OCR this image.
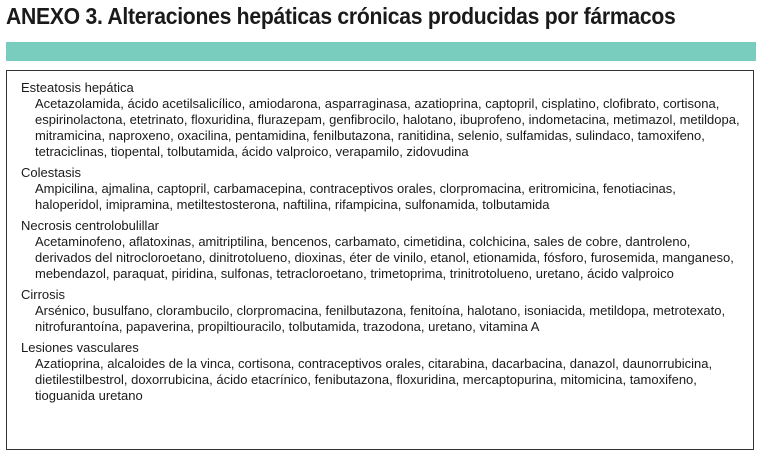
ANEXO 3. Alteraciones hepáticas crónicas producidas por fármacos
Esteatosis hepática
Acetazolamida, ácido acetilsalicílico, amiodarona, asparraginasa, azatioprina, captopril, cisplatino, clofibrato, cortisona, espirinolactona, etetrinato, floxuridina, flurazepam, genfibrocilo, halotano, ibuprofeno, indometacina, metimazol, metildopa, mitramicina, naproxeno, oxacilina, pentamidina, fenilbutazona, ranitidina, selenio, sulfamidas, sulindaco, tamoxifeno, tetraciclinas, tiopental, tolbutamida, ácido valproico, verapamilo, zidovudina
Colestasis
Ampicilina, ajmalina, captopril, carbamacepina, contraceptivos orales, clorpromacina, eritromicina, fenotiacinas, haloperidol, imipramina, metiltestosterona, naftilina, rifampicina, sulfonamida, tolbutamida
Necrosis centrolobulillar
Acetaminofeno, aflatoxinas, amitriptilina, bencenos, carbamato, cimetidina, colchicina, sales de cobre, dantroleno, derivados del nitrocloroetano, dinitrotolueno, dioxinas, éter de vinilo, etanol, etionamida, fósforo, furosemida, manganeso, mebendazol, paraquat, piridina, sulfonas, tetracloroetano, trimetoprima, trinitrotolueno, uretano, ácido valproico
Cirrosis
Arsénico, busulfano, clorambucilo, clorpromacina, fenilbutazona, fenitoína, halotano, isoniacida, metildopa, metrotexato, nitrofurantoína, papaverina, propiltiouracilo, tolbutamida, trazodona, uretano, vitamina A
Lesiones vasculares
Azatioprina, alcaloides de la vinca, cortisona, contraceptivos orales, citarabina, dacarbacina, danazol, daunorrubicina, dietilestilbestrol, doxorrubicina, ácido etacrínico, fenibutazona, floxuridina, mercaptopurina, mitomicina, tamoxifeno, tioguanida uretano
